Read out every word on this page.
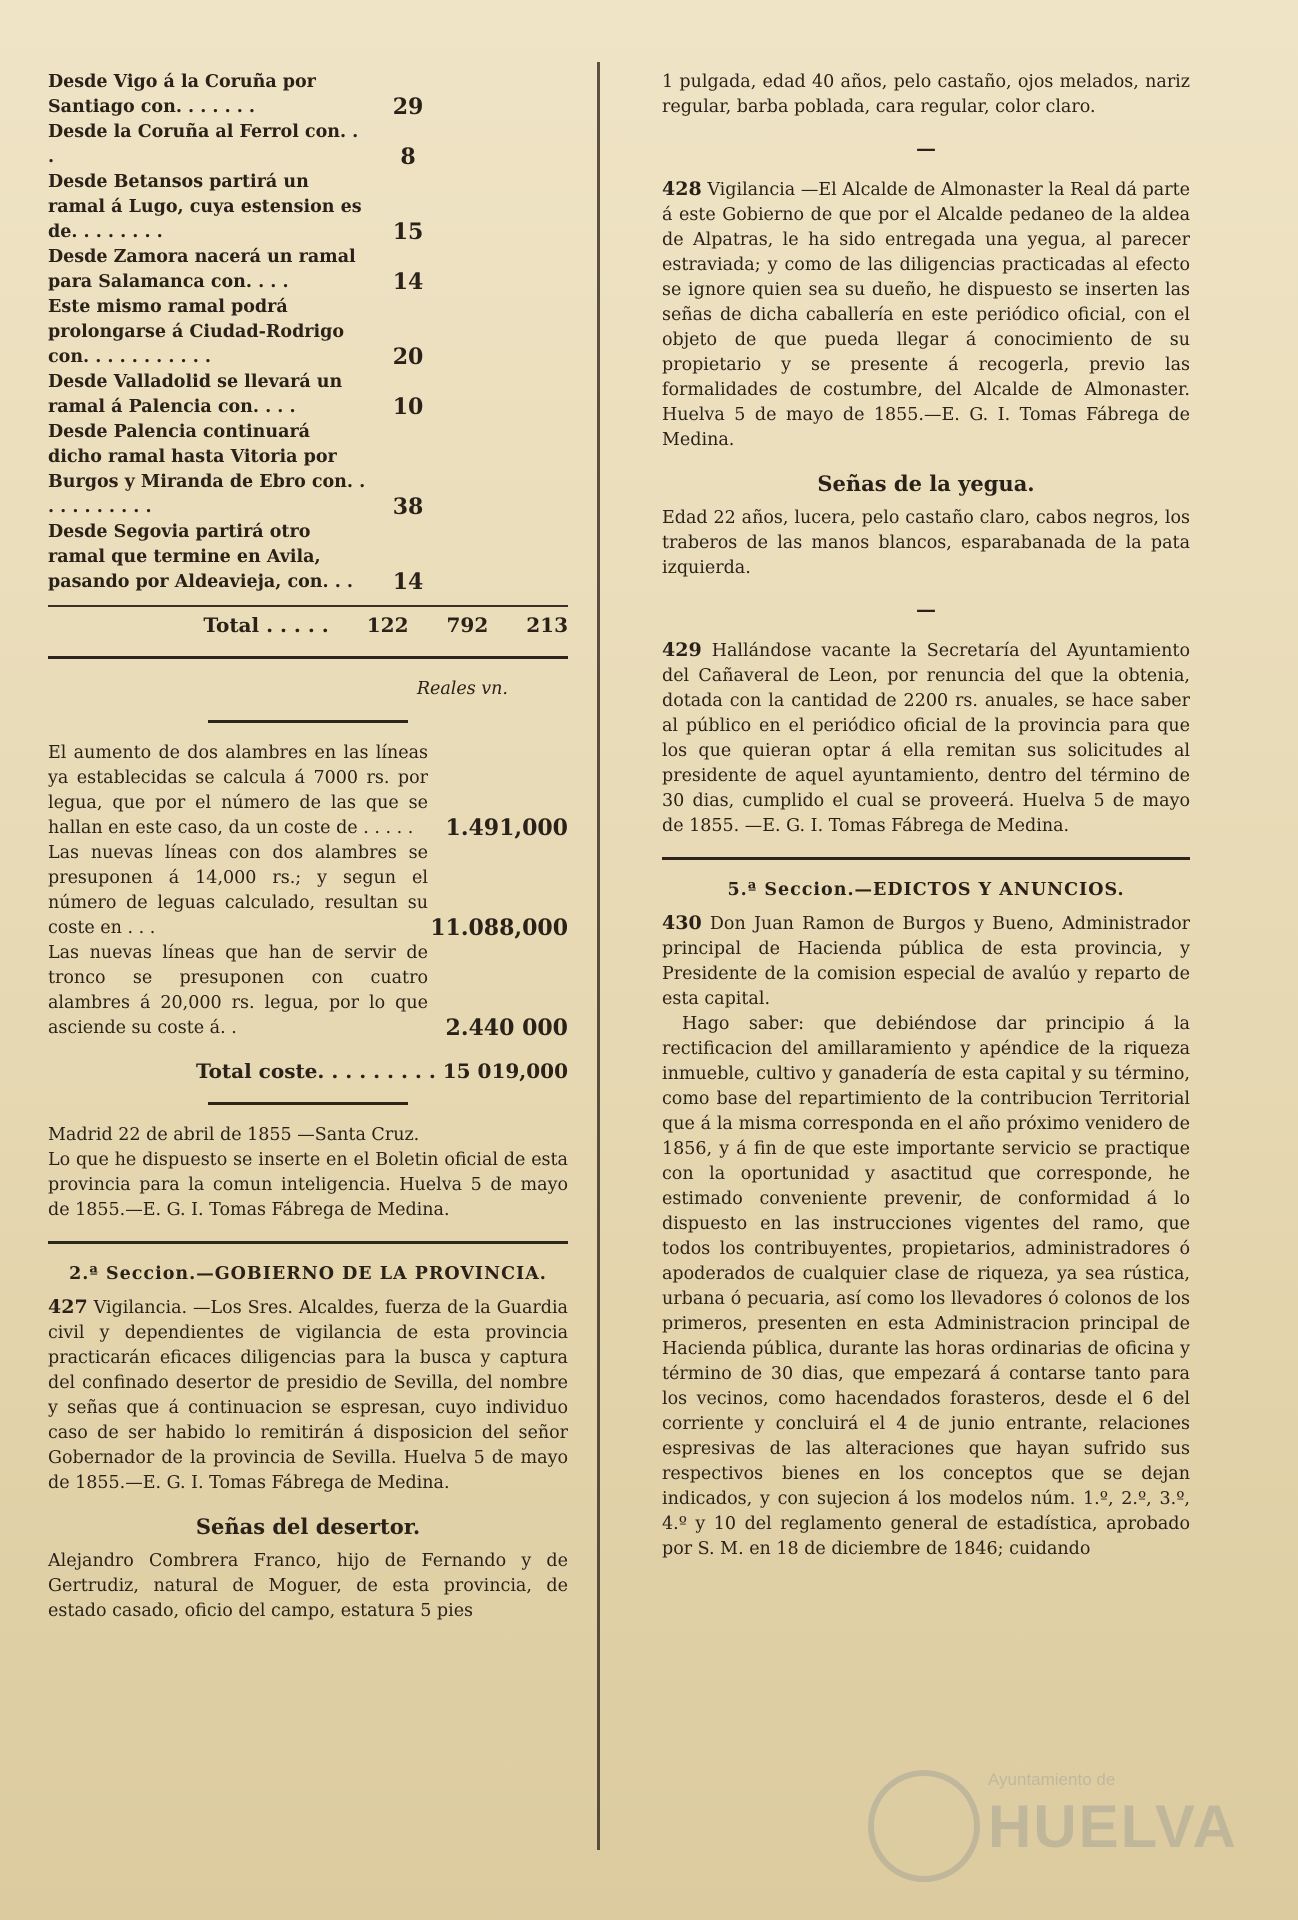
Desde Vigo á la Coruña por Santiago con. . . . . . .	29
Desde la Coruña al Ferrol con. . .	8
Desde Betansos partirá un ramal á Lugo, cuya estension es de. . . . . . . .	15
Desde Zamora nacerá un ramal para Salamanca con. . . .	14
Este mismo ramal podrá prolongarse á Ciudad-Rodrigo con. . . . . . . . . . .	20
Desde Valladolid se llevará un ramal á Palencia con. . . .	10
Desde Palencia continuará dicho ramal hasta Vitoria por Burgos y Miranda de Ebro con. . . . . . . . . . .	38
Desde Segovia partirá otro ramal que termine en Avila, pasando por Aldeavieja, con. . .	14
Total . . . . . 122 792 213

Reales vn.

El aumento de dos alambres en las líneas ya establecidas se calcula á 7000 rs. por legua, que por el número de las que se hallan en este caso, da un coste de . . . . .	1.491,000

Las nuevas líneas con dos alambres se presuponen á 14,000 rs.; y segun el número de leguas calculado, resultan su coste en . . .	11.088,000

Las nuevas líneas que han de servir de tronco se presuponen con cuatro alambres á 20,000 rs. legua, por lo que asciende su coste á. .	2.440 000
Total coste. . . . . . . . . 15 019,000

Madrid 22 de abril de 1855 —Santa Cruz.

Lo que he dispuesto se inserte en el Boletin oficial de esta provincia para la comun inteligencia. Huelva 5 de mayo de 1855.—E. G. I. Tomas Fábrega de Medina.

2.ª Seccion.—GOBIERNO DE LA PROVINCIA.

427 Vigilancia. —Los Sres. Alcaldes, fuerza de la Guardia civil y dependientes de vigilancia de esta provincia practicarán eficaces diligencias para la busca y captura del confinado desertor de presidio de Sevilla, del nombre y señas que á continuacion se espresan, cuyo individuo caso de ser habido lo remitirán á disposicion del señor Gobernador de la provincia de Sevilla. Huelva 5 de mayo de 1855.—E. G. I. Tomas Fábrega de Medina.

Señas del desertor.

Alejandro Combrera Franco, hijo de Fernando y de Gertrudiz, natural de Moguer, de esta provincia, de estado casado, oficio del campo, estatura 5 pies

1 pulgada, edad 40 años, pelo castaño, ojos melados, nariz regular, barba poblada, cara regular, color claro.

—

428 Vigilancia —El Alcalde de Almonaster la Real dá parte á este Gobierno de que por el Alcalde pedaneo de la aldea de Alpatras, le ha sido entregada una yegua, al parecer estraviada; y como de las diligencias practicadas al efecto se ignore quien sea su dueño, he dispuesto se inserten las señas de dicha caballería en este periódico oficial, con el objeto de que pueda llegar á conocimiento de su propietario y se presente á recogerla, previo las formalidades de costumbre, del Alcalde de Almonaster. Huelva 5 de mayo de 1855.—E. G. I. Tomas Fábrega de Medina.

Señas de la yegua.

Edad 22 años, lucera, pelo castaño claro, cabos negros, los traberos de las manos blancos, esparabanada de la pata izquierda.

—

429 Hallándose vacante la Secretaría del Ayuntamiento del Cañaveral de Leon, por renuncia del que la obtenia, dotada con la cantidad de 2200 rs. anuales, se hace saber al público en el periódico oficial de la provincia para que los que quieran optar á ella remitan sus solicitudes al presidente de aquel ayuntamiento, dentro del término de 30 dias, cumplido el cual se proveerá. Huelva 5 de mayo de 1855. —E. G. I. Tomas Fábrega de Medina.

5.ª Seccion.—EDICTOS Y ANUNCIOS.

430 Don Juan Ramon de Burgos y Bueno, Administrador principal de Hacienda pública de esta provincia, y Presidente de la comision especial de avalúo y reparto de esta capital.

Hago saber: que debiéndose dar principio á la rectificacion del amillaramiento y apéndice de la riqueza inmueble, cultivo y ganadería de esta capital y su término, como base del repartimiento de la contribucion Territorial que á la misma corresponda en el año próximo venidero de 1856, y á fin de que este importante servicio se practique con la oportunidad y asactitud que corresponde, he estimado conveniente prevenir, de conformidad á lo dispuesto en las instrucciones vigentes del ramo, que todos los contribuyentes, propietarios, administradores ó apoderados de cualquier clase de riqueza, ya sea rústica, urbana ó pecuaria, así como los llevadores ó colonos de los primeros, presenten en esta Administracion principal de Hacienda pública, durante las horas ordinarias de oficina y término de 30 dias, que empezará á contarse tanto para los vecinos, como hacendados forasteros, desde el 6 del corriente y concluirá el 4 de junio entrante, relaciones espresivas de las alteraciones que hayan sufrido sus respectivos bienes en los conceptos que se dejan indicados, y con sujecion á los modelos núm. 1.º, 2.º, 3.º, 4.º y 10 del reglamento general de estadística, aprobado por S. M. en 18 de diciembre de 1846; cuidando

Ayuntamiento de
HUELVA
